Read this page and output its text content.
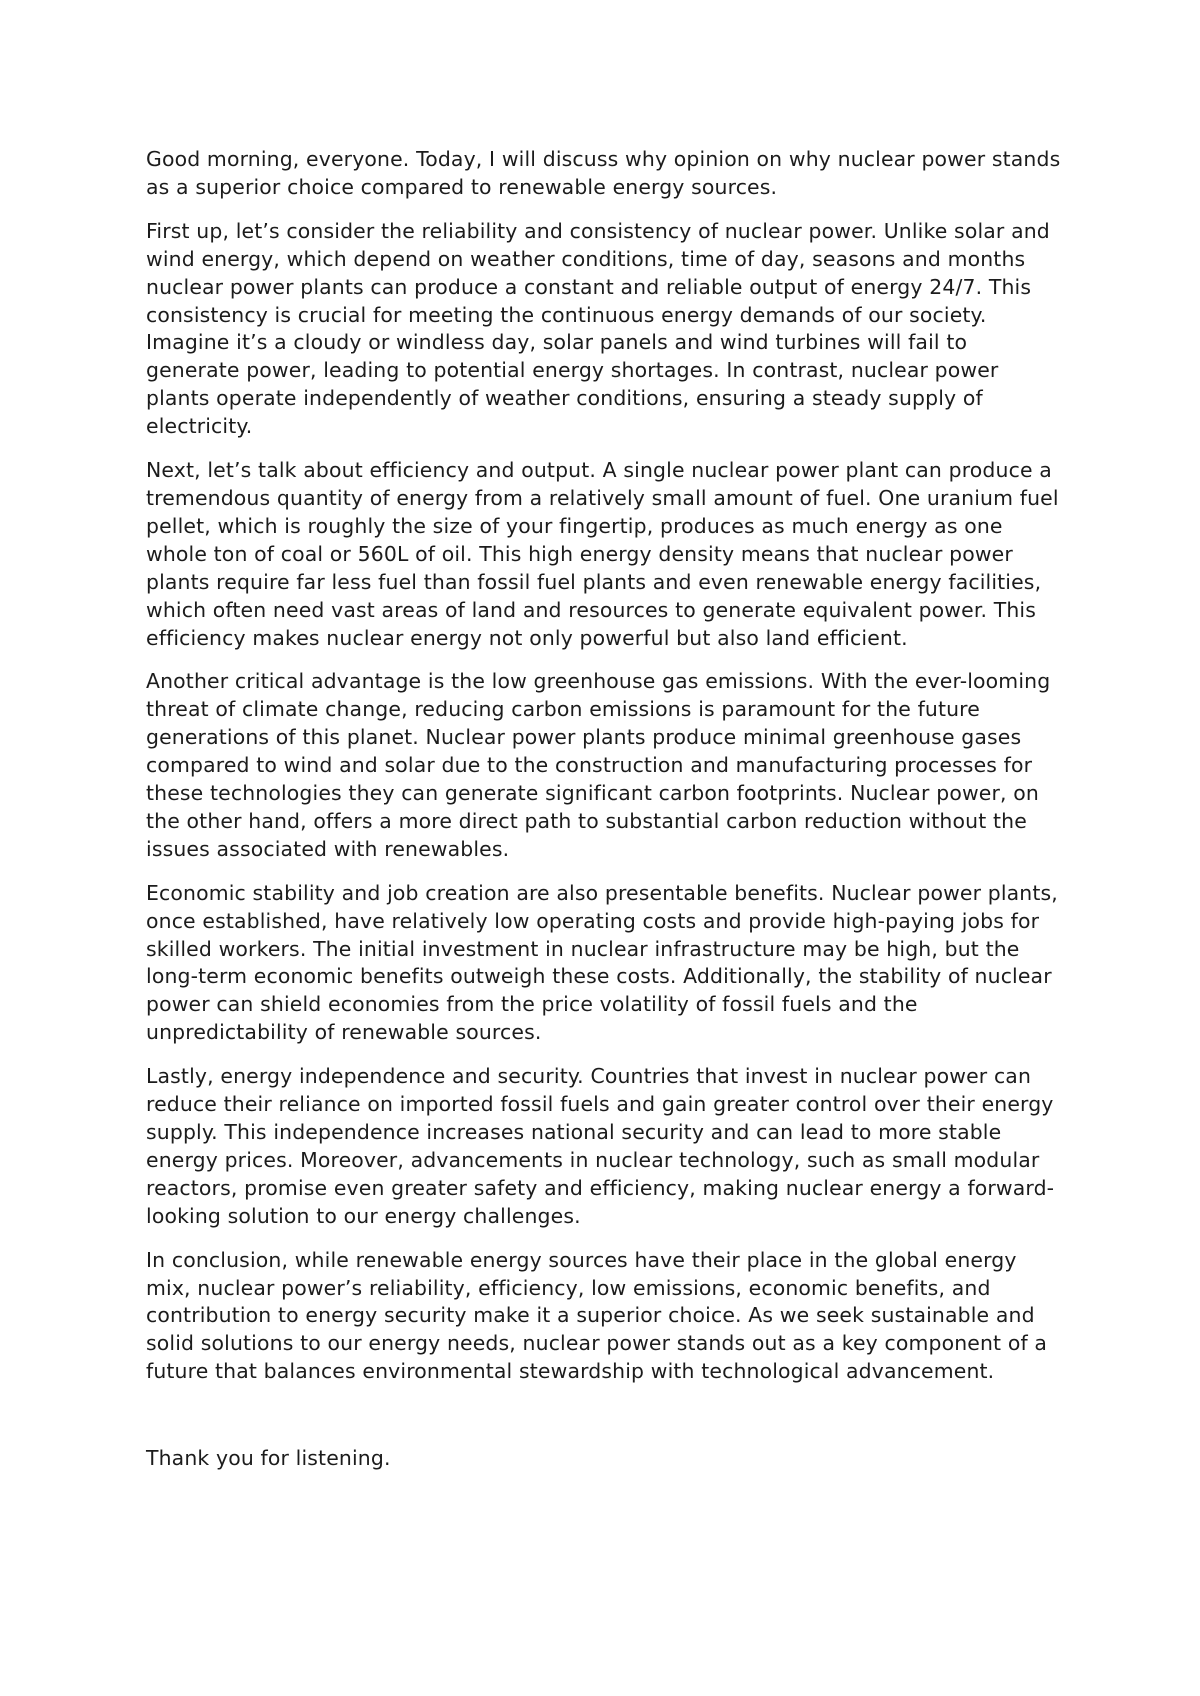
Good morning, everyone. Today, I will discuss why opinion on why nuclear power stands as a superior choice compared to renewable energy sources.

First up, let’s consider the reliability and consistency of nuclear power. Unlike solar and wind energy, which depend on weather conditions, time of day, seasons and months nuclear power plants can produce a constant and reliable output of energy 24/7. This consistency is crucial for meeting the continuous energy demands of our society. Imagine it’s a cloudy or windless day, solar panels and wind turbines will fail to generate power, leading to potential energy shortages. In contrast, nuclear power plants operate independently of weather conditions, ensuring a steady supply of electricity.

Next, let’s talk about efficiency and output. A single nuclear power plant can produce a tremendous quantity of energy from a relatively small amount of fuel. One uranium fuel pellet, which is roughly the size of your fingertip, produces as much energy as one whole ton of coal or 560L of oil. This high energy density means that nuclear power plants require far less fuel than fossil fuel plants and even renewable energy facilities, which often need vast areas of land and resources to generate equivalent power. This efficiency makes nuclear energy not only powerful but also land efficient.

Another critical advantage is the low greenhouse gas emissions. With the ever-looming threat of climate change, reducing carbon emissions is paramount for the future generations of this planet. Nuclear power plants produce minimal greenhouse gases compared to wind and solar due to the construction and manufacturing processes for these technologies they can generate significant carbon footprints. Nuclear power, on the other hand, offers a more direct path to substantial carbon reduction without the issues associated with renewables.

Economic stability and job creation are also presentable benefits. Nuclear power plants, once established, have relatively low operating costs and provide high-paying jobs for skilled workers. The initial investment in nuclear infrastructure may be high, but the long-term economic benefits outweigh these costs. Additionally, the stability of nuclear power can shield economies from the price volatility of fossil fuels and the unpredictability of renewable sources.

Lastly, energy independence and security. Countries that invest in nuclear power can reduce their reliance on imported fossil fuels and gain greater control over their energy supply. This independence increases national security and can lead to more stable energy prices. Moreover, advancements in nuclear technology, such as small modular reactors, promise even greater safety and efficiency, making nuclear energy a forward-looking solution to our energy challenges.

In conclusion, while renewable energy sources have their place in the global energy mix, nuclear power’s reliability, efficiency, low emissions, economic benefits, and contribution to energy security make it a superior choice. As we seek sustainable and solid solutions to our energy needs, nuclear power stands out as a key component of a future that balances environmental stewardship with technological advancement.

Thank you for listening.
